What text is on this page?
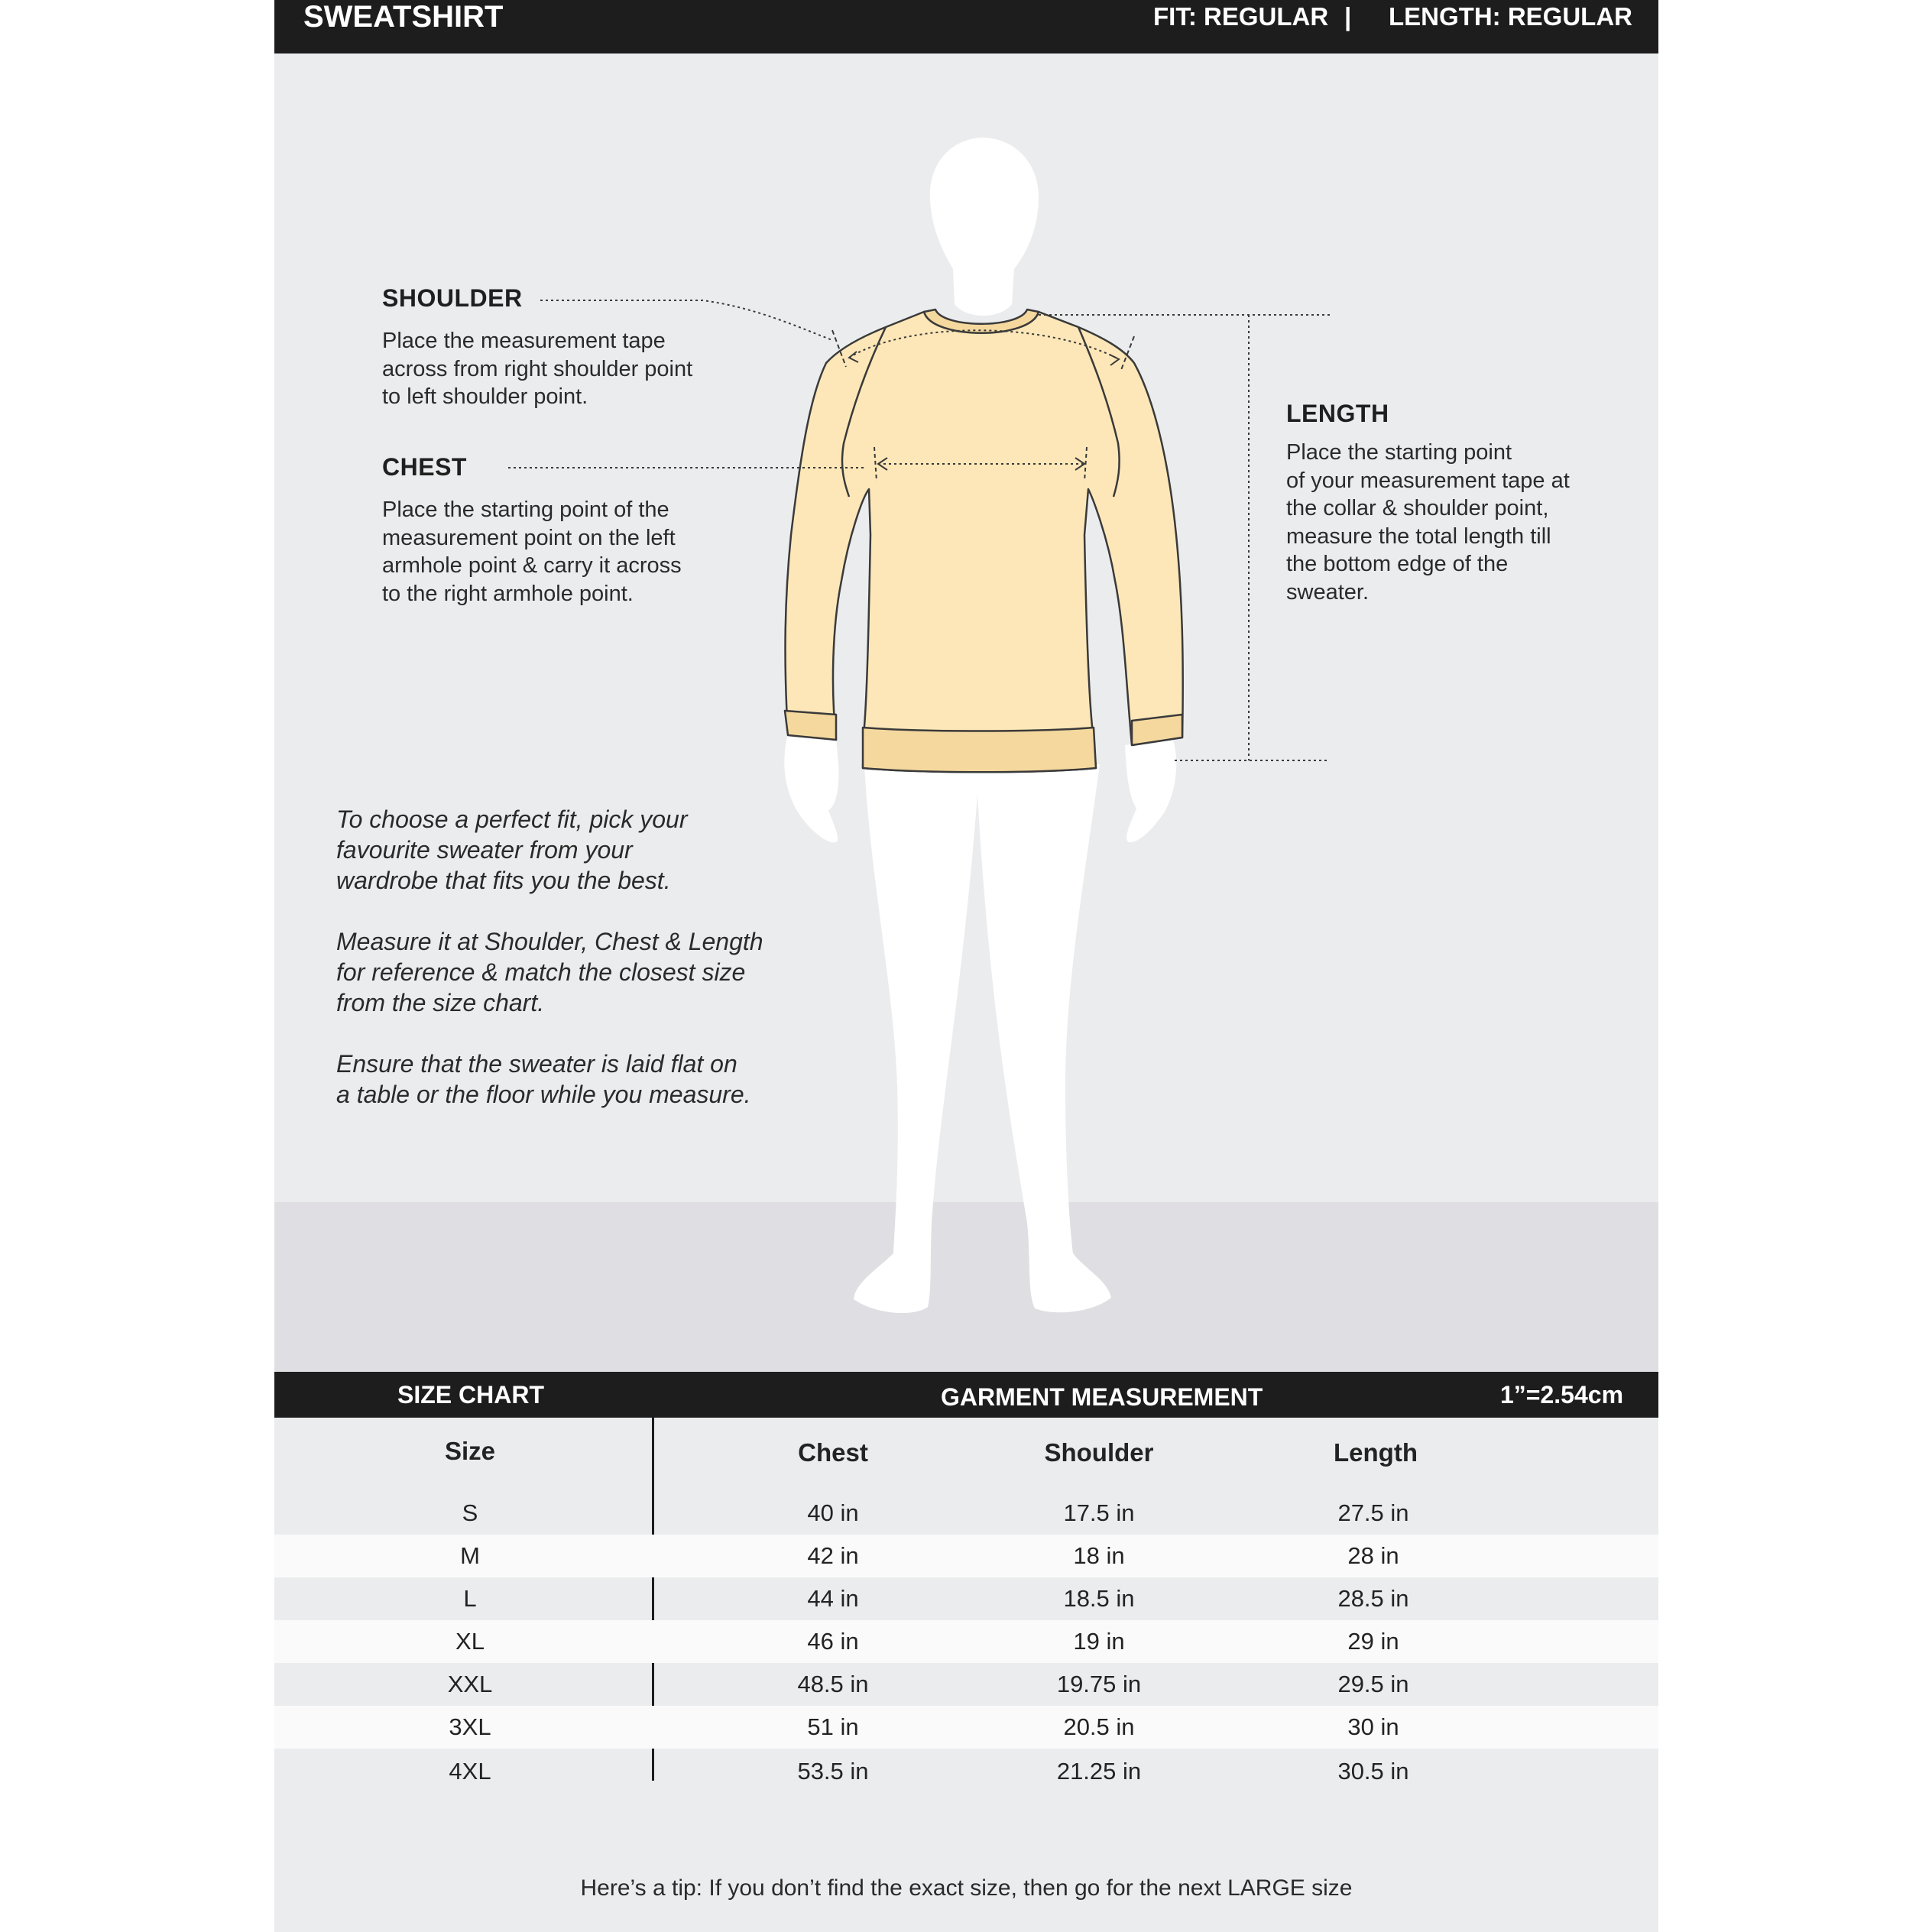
SWEATSHIRT	FIT: REGULAR | LENGTH: REGULAR
SHOULDER
Place the measurement tape
across from right shoulder point
to left shoulder point.
CHEST
Place the starting point of the
measurement point on the left
armhole point & carry it across
to the right armhole point.
LENGTH
Place the starting point
of your measurement tape at
the collar & shoulder point,
measure the total length till
the bottom edge of the
sweater.

To choose a perfect fit, pick your
favourite sweater from your
wardrobe that fits you the best.

Measure it at Shoulder, Chest & Length
for reference & match the closest size
from the size chart.

Ensure that the sweater is laid flat on
a table or the floor while you measure.

SIZE CHART	GARMENT MEASUREMENT	1”=2.54cm
Size	Chest	Shoulder	Length
S	40 in	17.5 in	27.5 in
M	42 in	18 in	28 in
L	44 in	18.5 in	28.5 in
XL	46 in	19 in	29 in
XXL	48.5 in	19.75 in	29.5 in
3XL	51 in	20.5 in	30 in
4XL	53.5 in	21.25 in	30.5 in
Here’s a tip: If you don’t find the exact size, then go for the next LARGE size
